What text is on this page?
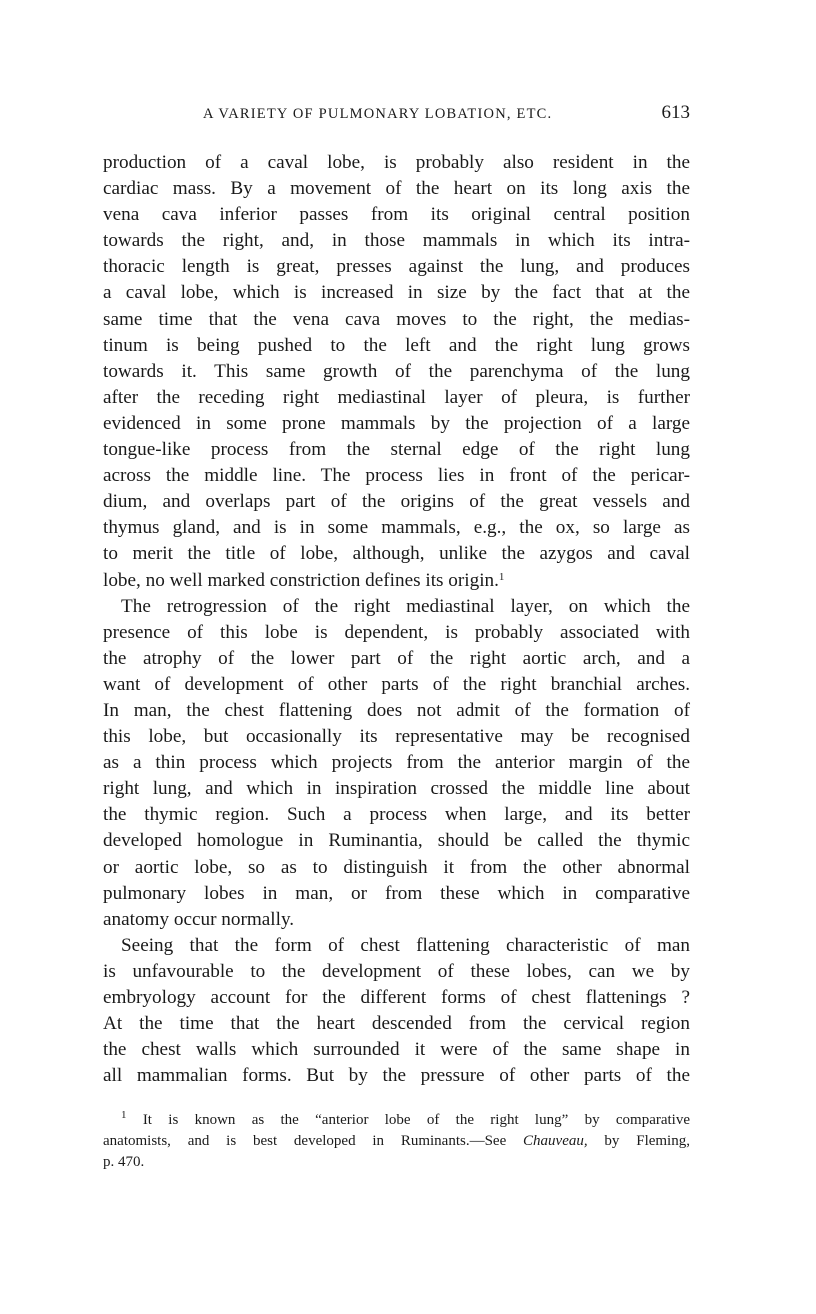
A VARIETY OF PULMONARY LOBATION, ETC.	613

production of a caval lobe, is probably also resident in the
cardiac mass. By a movement of the heart on its long axis the
vena cava inferior passes from its original central position
towards the right, and, in those mammals in which its intra-
thoracic length is great, presses against the lung, and produces
a caval lobe, which is increased in size by the fact that at the
same time that the vena cava moves to the right, the medias-
tinum is being pushed to the left and the right lung grows
towards it. This same growth of the parenchyma of the lung
after the receding right mediastinal layer of pleura, is further
evidenced in some prone mammals by the projection of a large
tongue-like process from the sternal edge of the right lung
across the middle line. The process lies in front of the pericar-
dium, and overlaps part of the origins of the great vessels and
thymus gland, and is in some mammals, e.g., the ox, so large as
to merit the title of lobe, although, unlike the azygos and caval
lobe, no well marked constriction defines its origin.$^1$

The retrogression of the right mediastinal layer, on which the
presence of this lobe is dependent, is probably associated with
the atrophy of the lower part of the right aortic arch, and a
want of development of other parts of the right branchial arches.
In man, the chest flattening does not admit of the formation of
this lobe, but occasionally its representative may be recognised
as a thin process which projects from the anterior margin of the
right lung, and which in inspiration crossed the middle line about
the thymic region. Such a process when large, and its better
developed homologue in Ruminantia, should be called the thymic
or aortic lobe, so as to distinguish it from the other abnormal
pulmonary lobes in man, or from these which in comparative
anatomy occur normally.

Seeing that the form of chest flattening characteristic of man
is unfavourable to the development of these lobes, can we by
embryology account for the different forms of chest flattenings ?
At the time that the heart descended from the cervical region
the chest walls which surrounded it were of the same shape in
all mammalian forms. But by the pressure of other parts of the

$^1$ It is known as the “anterior lobe of the right lung” by comparative
anatomists, and is best developed in Ruminants.—See Chauveau, by Fleming,
p. 470.
